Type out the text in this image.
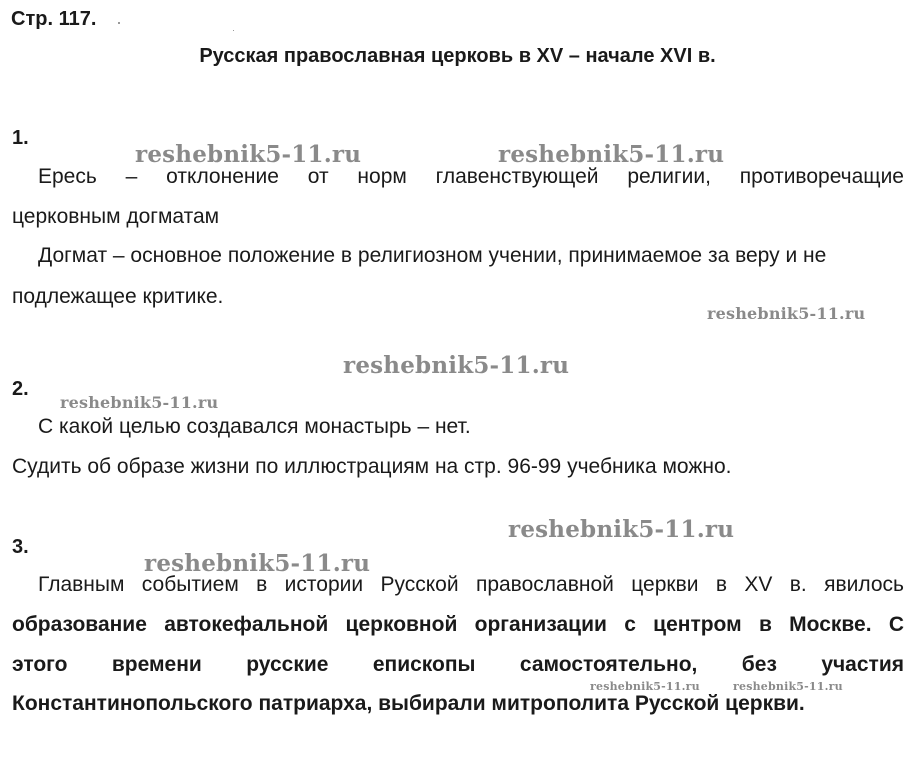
Стр. 117.
Русская православная церковь в XV – начале XVI в.
1.
reshebnik5-11.ru	reshebnik5-11.ru
Ересь – отклонение от норм главенствующей религии, противоречащие
церковным догматам
Догмат – основное положение в религиозном учении, принимаемое за веру и не
подлежащее критике.
reshebnik5-11.ru
reshebnik5-11.ru
2.
reshebnik5-11.ru
С какой целью создавался монастырь – нет.
Судить об образе жизни по иллюстрациям на стр. 96-99 учебника можно.
reshebnik5-11.ru
3.
reshebnik5-11.ru
Главным событием в истории Русской православной церкви в XV в. явилось
образование автокефальной церковной организации с центром в Москве. С
этого времени русские епископы самостоятельно, без участия
reshebnik5-11.ru	reshebnik5-11.ru
Константинопольского патриарха, выбирали митрополита Русской церкви.
